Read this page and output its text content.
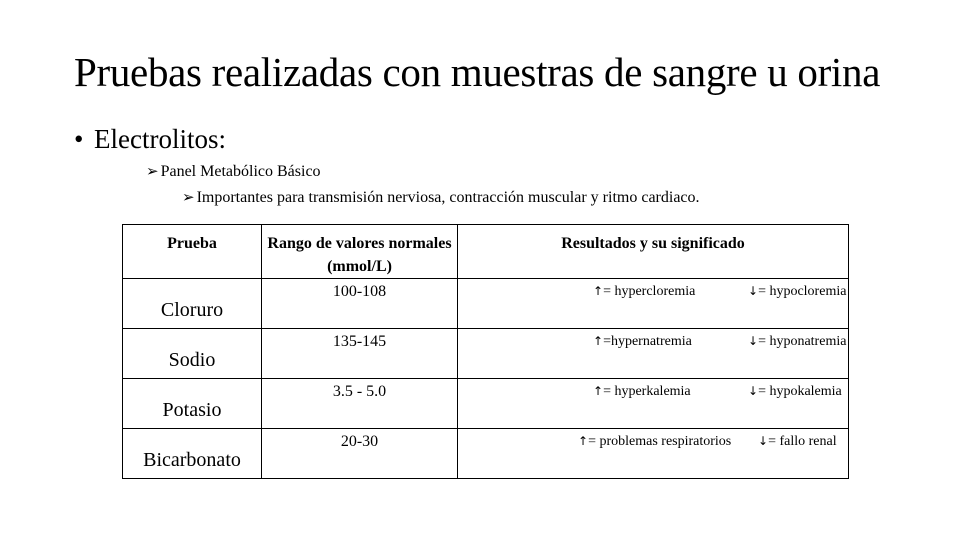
Pruebas realizadas con muestras de sangre u orina
• Electrolitos:
➢ Panel Metabólico Básico
➢ Importantes para transmisión nerviosa, contracción muscular y ritmo cardiaco.
Prueba	Rango de valores normales (mmol/L)	Resultados y su significado
Cloruro	100-108	↑= hypercloremia ↓= hypocloremia

Sodio	135-145	↑=hypernatremia ↓= hyponatremia

Potasio	3.5 - 5.0	↑= hyperkalemia ↓= hypokalemia

Bicarbonato	20-30	↑= problemas respiratorios ↓= fallo renal
